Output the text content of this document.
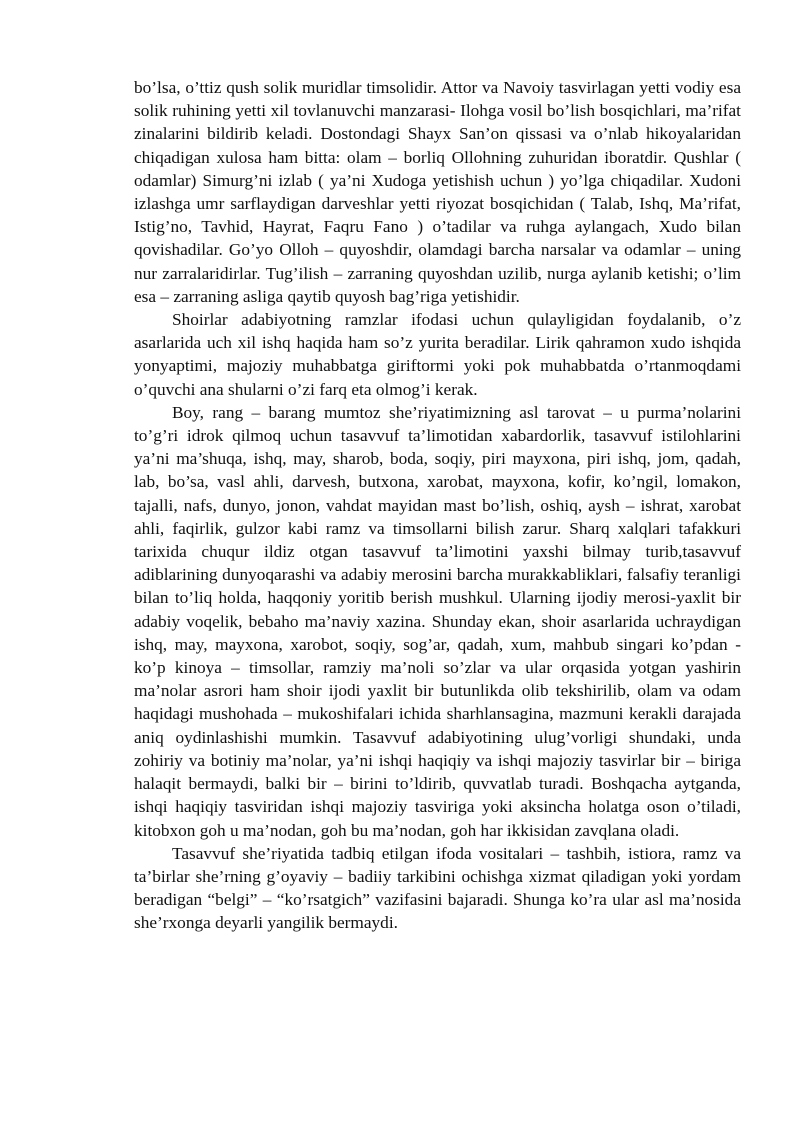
bo’lsa, o’ttiz qush solik muridlar timsolidir. Attor va Navoiy tasvirlagan yetti vodiy esa solik ruhining yetti xil tovlanuvchi manzarasi- Ilohga vosil bo’lish bosqichlari, ma’rifat zinalarini bildirib keladi. Dostondagi Shayx San’on qissasi va o’nlab hikoyalaridan chiqadigan xulosa ham bitta: olam – borliq Ollohning zuhuridan iboratdir. Qushlar ( odamlar) Simurg’ni izlab ( ya’ni Xudoga yetishish uchun ) yo’lga chiqadilar. Xudoni izlashga umr sarflaydigan darveshlar yetti riyozat bosqichidan ( Talab, Ishq, Ma’rifat, Istig’no, Tavhid, Hayrat, Faqru Fano ) o’tadilar va ruhga aylangach, Xudo bilan qovishadilar. Go’yo Olloh – quyoshdir, olamdagi barcha narsalar va odamlar – uning nur zarralaridirlar. Tug’ilish – zarraning quyoshdan uzilib, nurga aylanib ketishi; o’lim esa – zarraning asliga qaytib quyosh bag’riga yetishidir.

Shoirlar adabiyotning ramzlar ifodasi uchun qulayligidan foydalanib, o’z asarlarida uch xil ishq haqida ham so’z yurita beradilar. Lirik qahramon xudo ishqida yonyaptimi, majoziy muhabbatga giriftormi yoki pok muhabbatda o’rtanmoqdami o’quvchi ana shularni o’zi farq eta olmog’i kerak.

Boy, rang – barang mumtoz she’riyatimizning asl tarovat – u purma’nolarini to’g’ri idrok qilmoq uchun tasavvuf ta’limotidan xabardorlik, tasavvuf istilohlarini ya’ni ma’shuqa, ishq, may, sharob, boda, soqiy, piri mayxona, piri ishq, jom, qadah, lab, bo’sa, vasl ahli, darvesh, butxona, xarobat, mayxona, kofir, ko’ngil, lomakon, tajalli, nafs, dunyo, jonon, vahdat mayidan mast bo’lish, oshiq, aysh – ishrat, xarobat ahli, faqirlik, gulzor kabi ramz va timsollarni bilish zarur. Sharq xalqlari tafakkuri tarixida chuqur ildiz otgan tasavvuf ta’limotini yaxshi bilmay turib,tasavvuf adiblarining dunyoqarashi va adabiy merosini barcha murakkabliklari, falsafiy teranligi bilan to’liq holda, haqqoniy yoritib berish mushkul. Ularning ijodiy merosi-yaxlit bir adabiy voqelik, bebaho ma’naviy xazina. Shunday ekan, shoir asarlarida uchraydigan ishq, may, mayxona, xarobot, soqiy, sog’ar, qadah, xum, mahbub singari ko’pdan - ko’p kinoya – timsollar, ramziy ma’noli so’zlar va ular orqasida yotgan yashirin ma’nolar asrori ham shoir ijodi yaxlit bir butunlikda olib tekshirilib, olam va odam haqidagi mushohada – mukoshifalari ichida sharhlansagina, mazmuni kerakli darajada aniq oydinlashishi mumkin. Tasavvuf adabiyotining ulug’vorligi shundaki, unda zohiriy va botiniy ma’nolar, ya’ni ishqi haqiqiy va ishqi majoziy tasvirlar bir – biriga halaqit bermaydi, balki bir – birini to’ldirib, quvvatlab turadi. Boshqacha aytganda, ishqi haqiqiy tasviridan ishqi majoziy tasviriga yoki aksincha holatga oson o’tiladi, kitobxon goh u ma’nodan, goh bu ma’nodan, goh har ikkisidan zavqlana oladi.

Tasavvuf she’riyatida tadbiq etilgan ifoda vositalari – tashbih, istiora, ramz va ta’birlar she’rning g’oyaviy – badiiy tarkibini ochishga xizmat qiladigan yoki yordam beradigan “belgi” – “ko’rsatgich” vazifasini bajaradi. Shunga ko’ra ular asl ma’nosida she’rxonga deyarli yangilik bermaydi.
